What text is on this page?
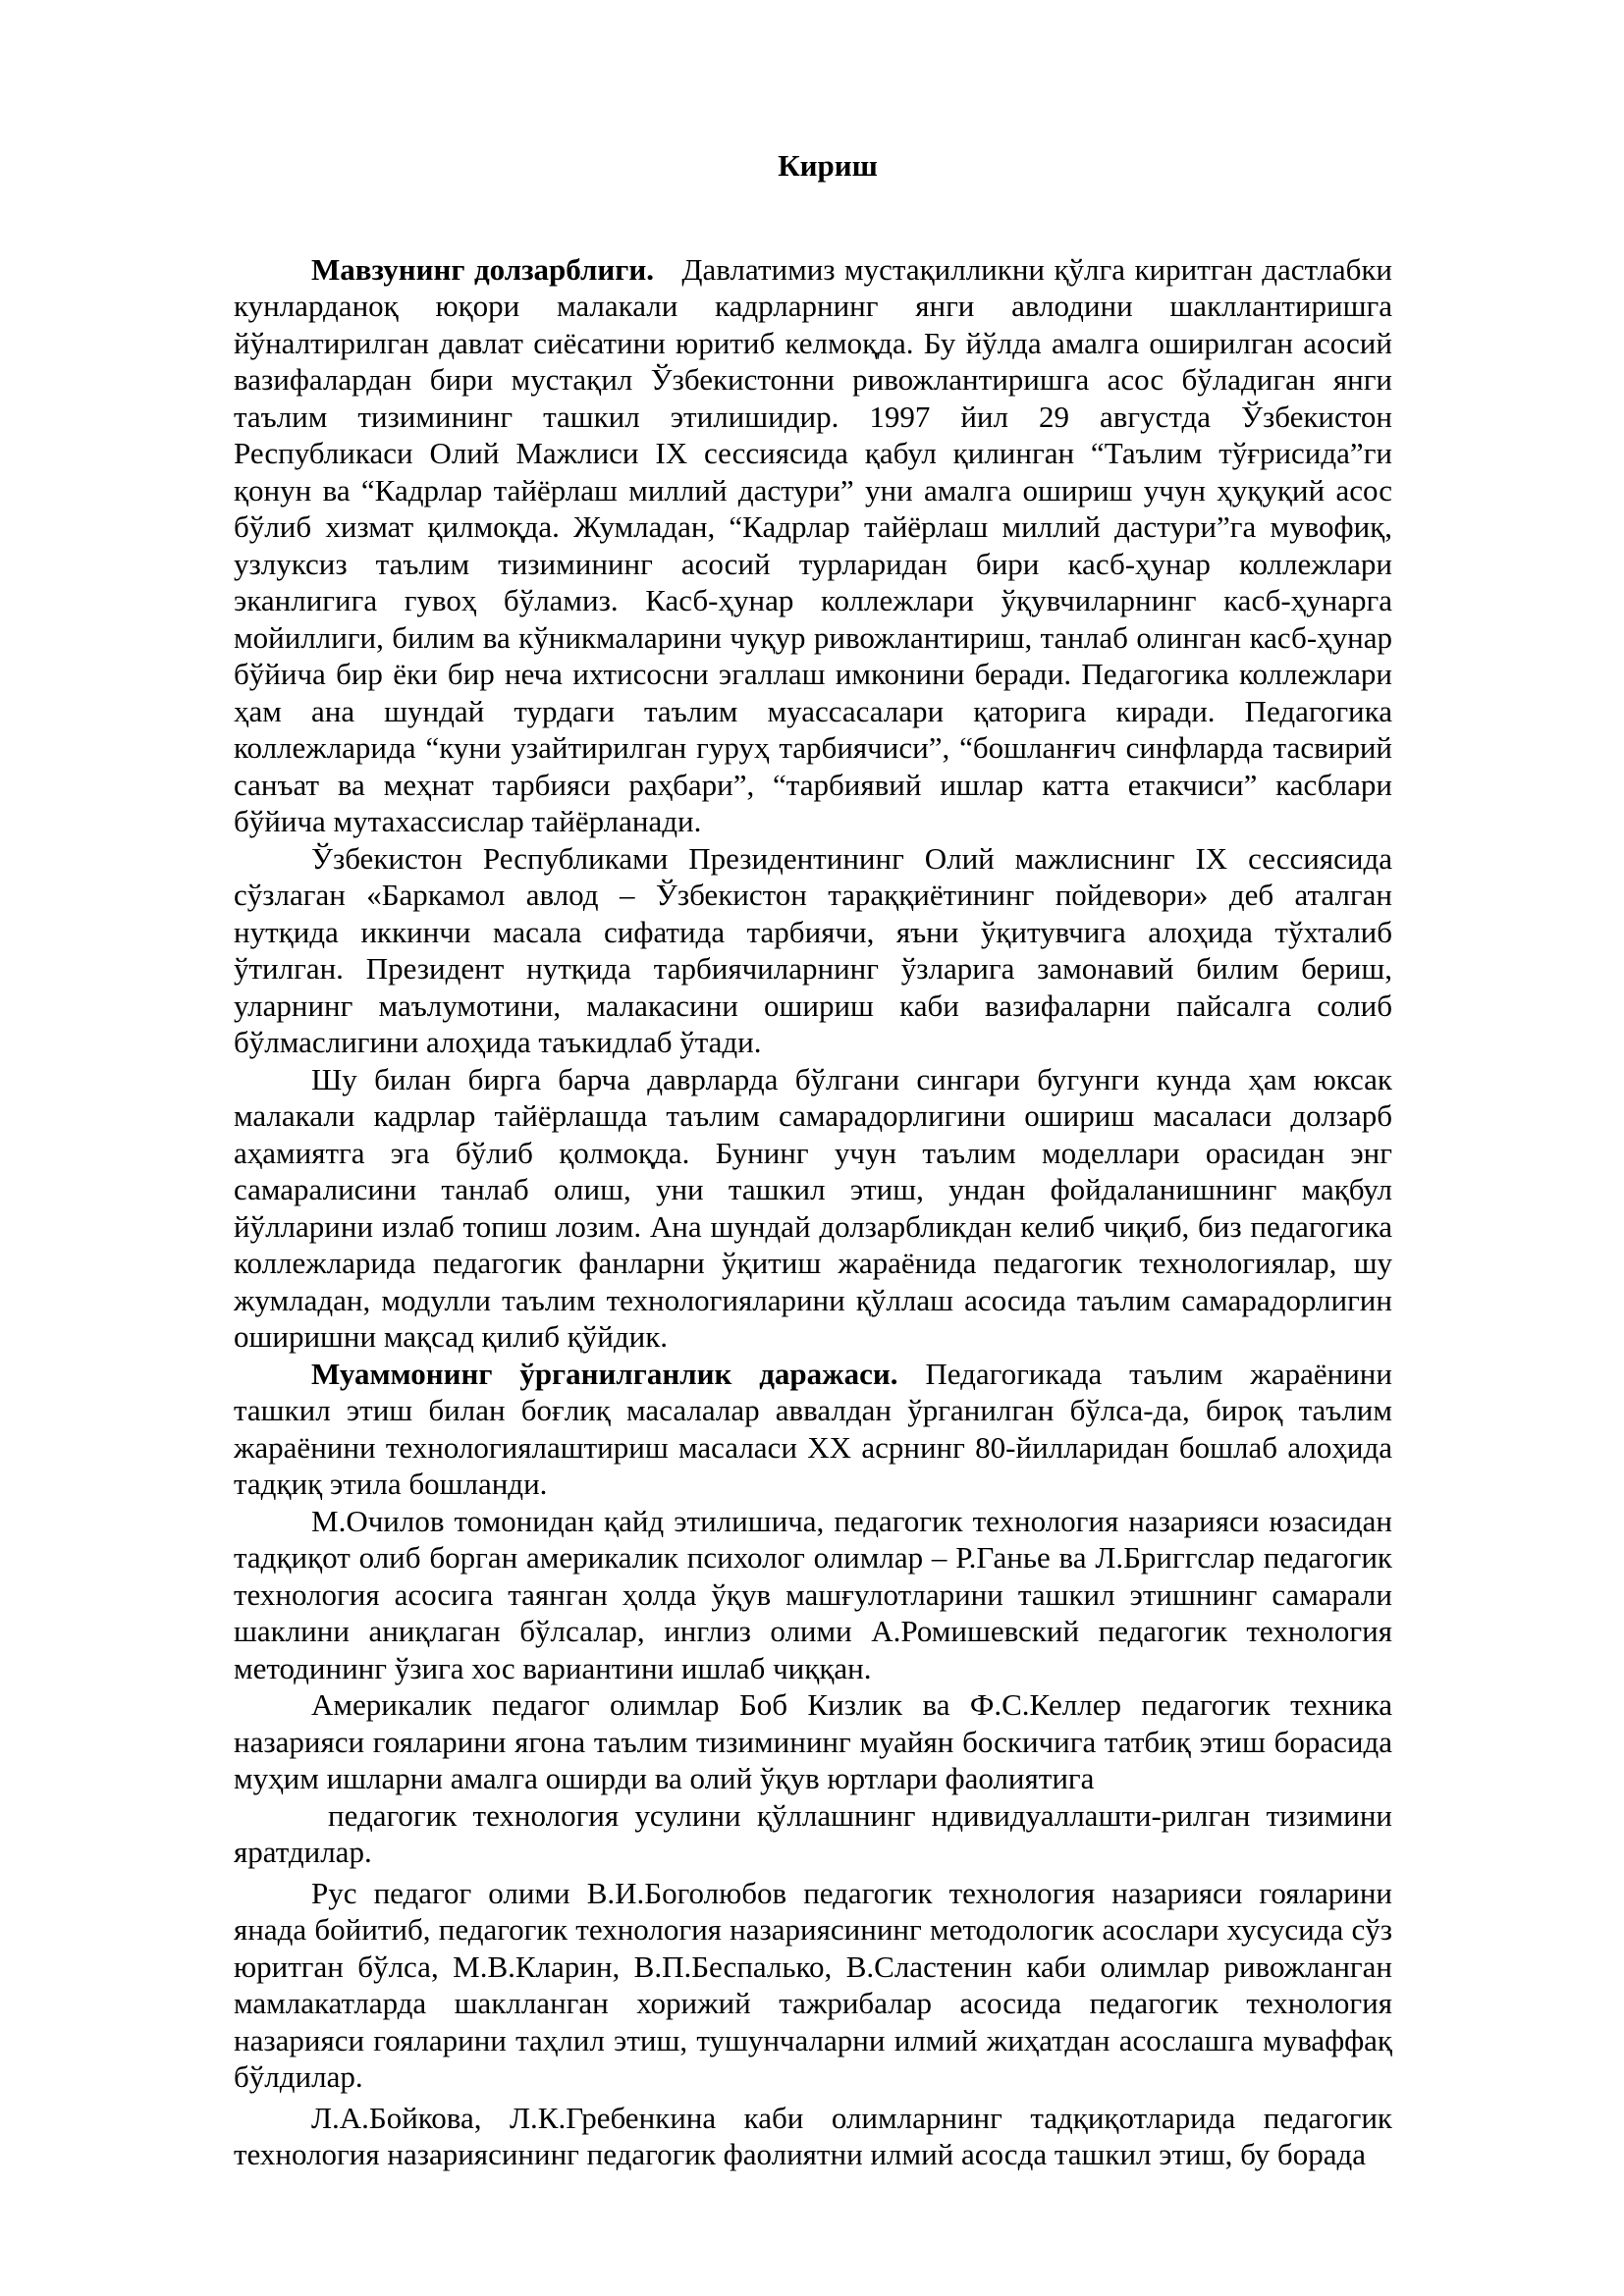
Кириш

Мавзунинг долзарблиги. Давлатимиз мустақилликни қўлга киритган дастлабки кунларданоқ юқори малакали кадрларнинг янги авлодини шакллантиришга йўналтирилган давлат сиёсатини юритиб келмоқда. Бу йўлда амалга оширилган асосий вазифалардан бири мустақил Ўзбекистонни ривожлантиришга асос бўладиган янги таълим тизимининг ташкил этилишидир. 1997 йил 29 августда Ўзбекистон Республикаси Олий Мажлиси IX сессиясида қабул қилинган “Таълим тўғрисида”ги қонун ва “Кадрлар тайёрлаш миллий дастури” уни амалга ошириш учун ҳуқуқий асос бўлиб хизмат қилмоқда. Жумладан, “Кадрлар тайёрлаш миллий дастури”га мувофиқ, узлуксиз таълим тизимининг асосий турларидан бири касб-ҳунар коллежлари эканлигига гувоҳ бўламиз. Касб-ҳунар коллежлари ўқувчиларнинг касб-ҳунарга мойиллиги, билим ва кўникмаларини чуқур ривожлантириш, танлаб олинган касб-ҳунар бўйича бир ёки бир неча ихтисосни эгаллаш имконини беради. Педагогика коллежлари ҳам ана шундай турдаги таълим муассасалари қаторига киради. Педагогика коллежларида “куни узайтирилган гуруҳ тарбиячиси”, “бошланғич синфларда тасвирий санъат ва меҳнат тарбияси раҳбари”, “тарбиявий ишлар катта етакчиси” касблари бўйича мутахассислар тайёрланади.

Ўзбекистон Республиками Президентининг Олий мажлиснинг IX сессиясида сўзлаган «Баркамол авлод – Ўзбекистон тараққиётининг пойдевори» деб аталган нутқида иккинчи масала сифатида тарбиячи, яъни ўқитувчига алоҳида тўхталиб ўтилган. Президент нутқида тарбиячиларнинг ўзларига замонавий билим бериш, уларнинг маълумотини, малакасини ошириш каби вазифаларни пайсалга солиб бўлмаслигини алоҳида таъкидлаб ўтади.

Шу билан бирга барча даврларда бўлгани сингари бугунги кунда ҳам юксак малакали кадрлар тайёрлашда таълим самарадорлигини ошириш масаласи долзарб аҳамиятга эга бўлиб қолмоқда. Бунинг учун таълим моделлари орасидан энг самаралисини танлаб олиш, уни ташкил этиш, ундан фойдаланишнинг мақбул йўлларини излаб топиш лозим. Ана шундай долзарбликдан келиб чиқиб, биз педагогика коллежларида педагогик фанларни ўқитиш жараёнида педагогик технологиялар, шу жумладан, модулли таълим технологияларини қўллаш асосида таълим самарадорлигин оширишни мақсад қилиб қўйдик.

Муаммонинг ўрганилганлик даражаси. Педагогикада таълим жараёнини ташкил этиш билан боғлиқ масалалар аввалдан ўрганилган бўлса-да, бироқ таълим жараёнини технологиялаштириш масаласи XX асрнинг 80-йилларидан бошлаб алоҳида тадқиқ этила бошланди.

М.Очилов томонидан қайд этилишича, педагогик технология назарияси юзасидан тадқиқот олиб борган америкалик психолог олимлар – Р.Ганье ва Л.Бриггслар педагогик технология асосига таянган ҳолда ўқув машғулотларини ташкил этишнинг самарали шаклини аниқлаган бўлсалар, инглиз олими А.Ромишевский педагогик технология методининг ўзига хос вариантини ишлаб чиққан.

Америкалик педагог олимлар Боб Кизлик ва Ф.С.Келлер педагогик техника назарияси гояларини ягона таълим тизимининг муайян боскичига татбиқ этиш борасида муҳим ишларни амалга оширди ва олий ўқув юртлари фаолиятига
педагогик технология усулини қўллашнинг ндивидуаллашти-рилган тизимини
яратдилар.

Рус педагог олими В.И.Боголюбов педагогик технология назарияси гояларини янада бойитиб, педагогик технология назариясининг методологик асослари хусусида сўз юритган бўлса, М.В.Кларин, В.П.Беспалько, В.Сластенин каби олимлар ривожланган мамлакатларда шаклланган хорижий тажрибалар асосида педагогик технология назарияси гояларини таҳлил этиш, тушунчаларни илмий жиҳатдан асослашга муваффақ бўлдилар.

Л.А.Бойкова, Л.К.Гребенкина каби олимларнинг тадқиқотларида педагогик технология назариясининг педагогик фаолиятни илмий асосда ташкил этиш, бу борада
